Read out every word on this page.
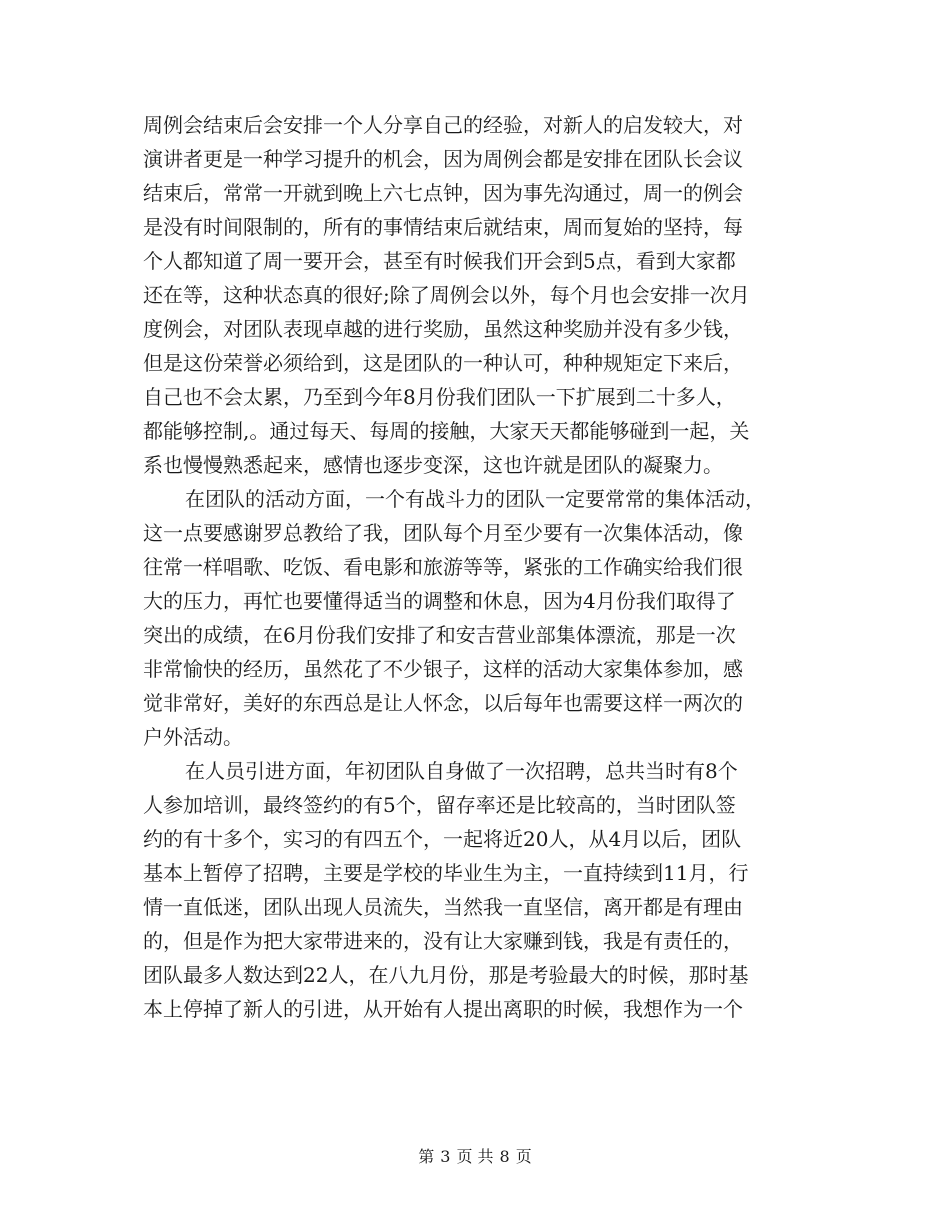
周例会结束后会安排一个人分享自己的经验，对新人的启发较大，对
演讲者更是一种学习提升的机会，因为周例会都是安排在团队长会议
结束后，常常一开就到晚上六七点钟，因为事先沟通过，周一的例会
是没有时间限制的，所有的事情结束后就结束，周而复始的坚持，每
个人都知道了周一要开会，甚至有时候我们开会到5点，看到大家都
还在等，这种状态真的很好;除了周例会以外，每个月也会安排一次月
度例会，对团队表现卓越的进行奖励，虽然这种奖励并没有多少钱，
但是这份荣誉必须给到，这是团队的一种认可，种种规矩定下来后，
自己也不会太累，乃至到今年8月份我们团队一下扩展到二十多人，
都能够控制,。通过每天、每周的接触，大家天天都能够碰到一起，关
系也慢慢熟悉起来，感情也逐步变深，这也许就是团队的凝聚力。
在团队的活动方面，一个有战斗力的团队一定要常常的集体活动，
这一点要感谢罗总教给了我，团队每个月至少要有一次集体活动，像
往常一样唱歌、吃饭、看电影和旅游等等，紧张的工作确实给我们很
大的压力，再忙也要懂得适当的调整和休息，因为4月份我们取得了
突出的成绩，在6月份我们安排了和安吉营业部集体漂流，那是一次
非常愉快的经历，虽然花了不少银子，这样的活动大家集体参加，感
觉非常好，美好的东西总是让人怀念，以后每年也需要这样一两次的
户外活动。
在人员引进方面，年初团队自身做了一次招聘，总共当时有8个
人参加培训，最终签约的有5个，留存率还是比较高的，当时团队签
约的有十多个，实习的有四五个，一起将近20人，从4月以后，团队
基本上暂停了招聘，主要是学校的毕业生为主，一直持续到11月，行
情一直低迷，团队出现人员流失，当然我一直坚信，离开都是有理由
的，但是作为把大家带进来的，没有让大家赚到钱，我是有责任的，
团队最多人数达到22人，在八九月份，那是考验最大的时候，那时基
本上停掉了新人的引进，从开始有人提出离职的时候，我想作为一个
第 3 页 共 8 页
